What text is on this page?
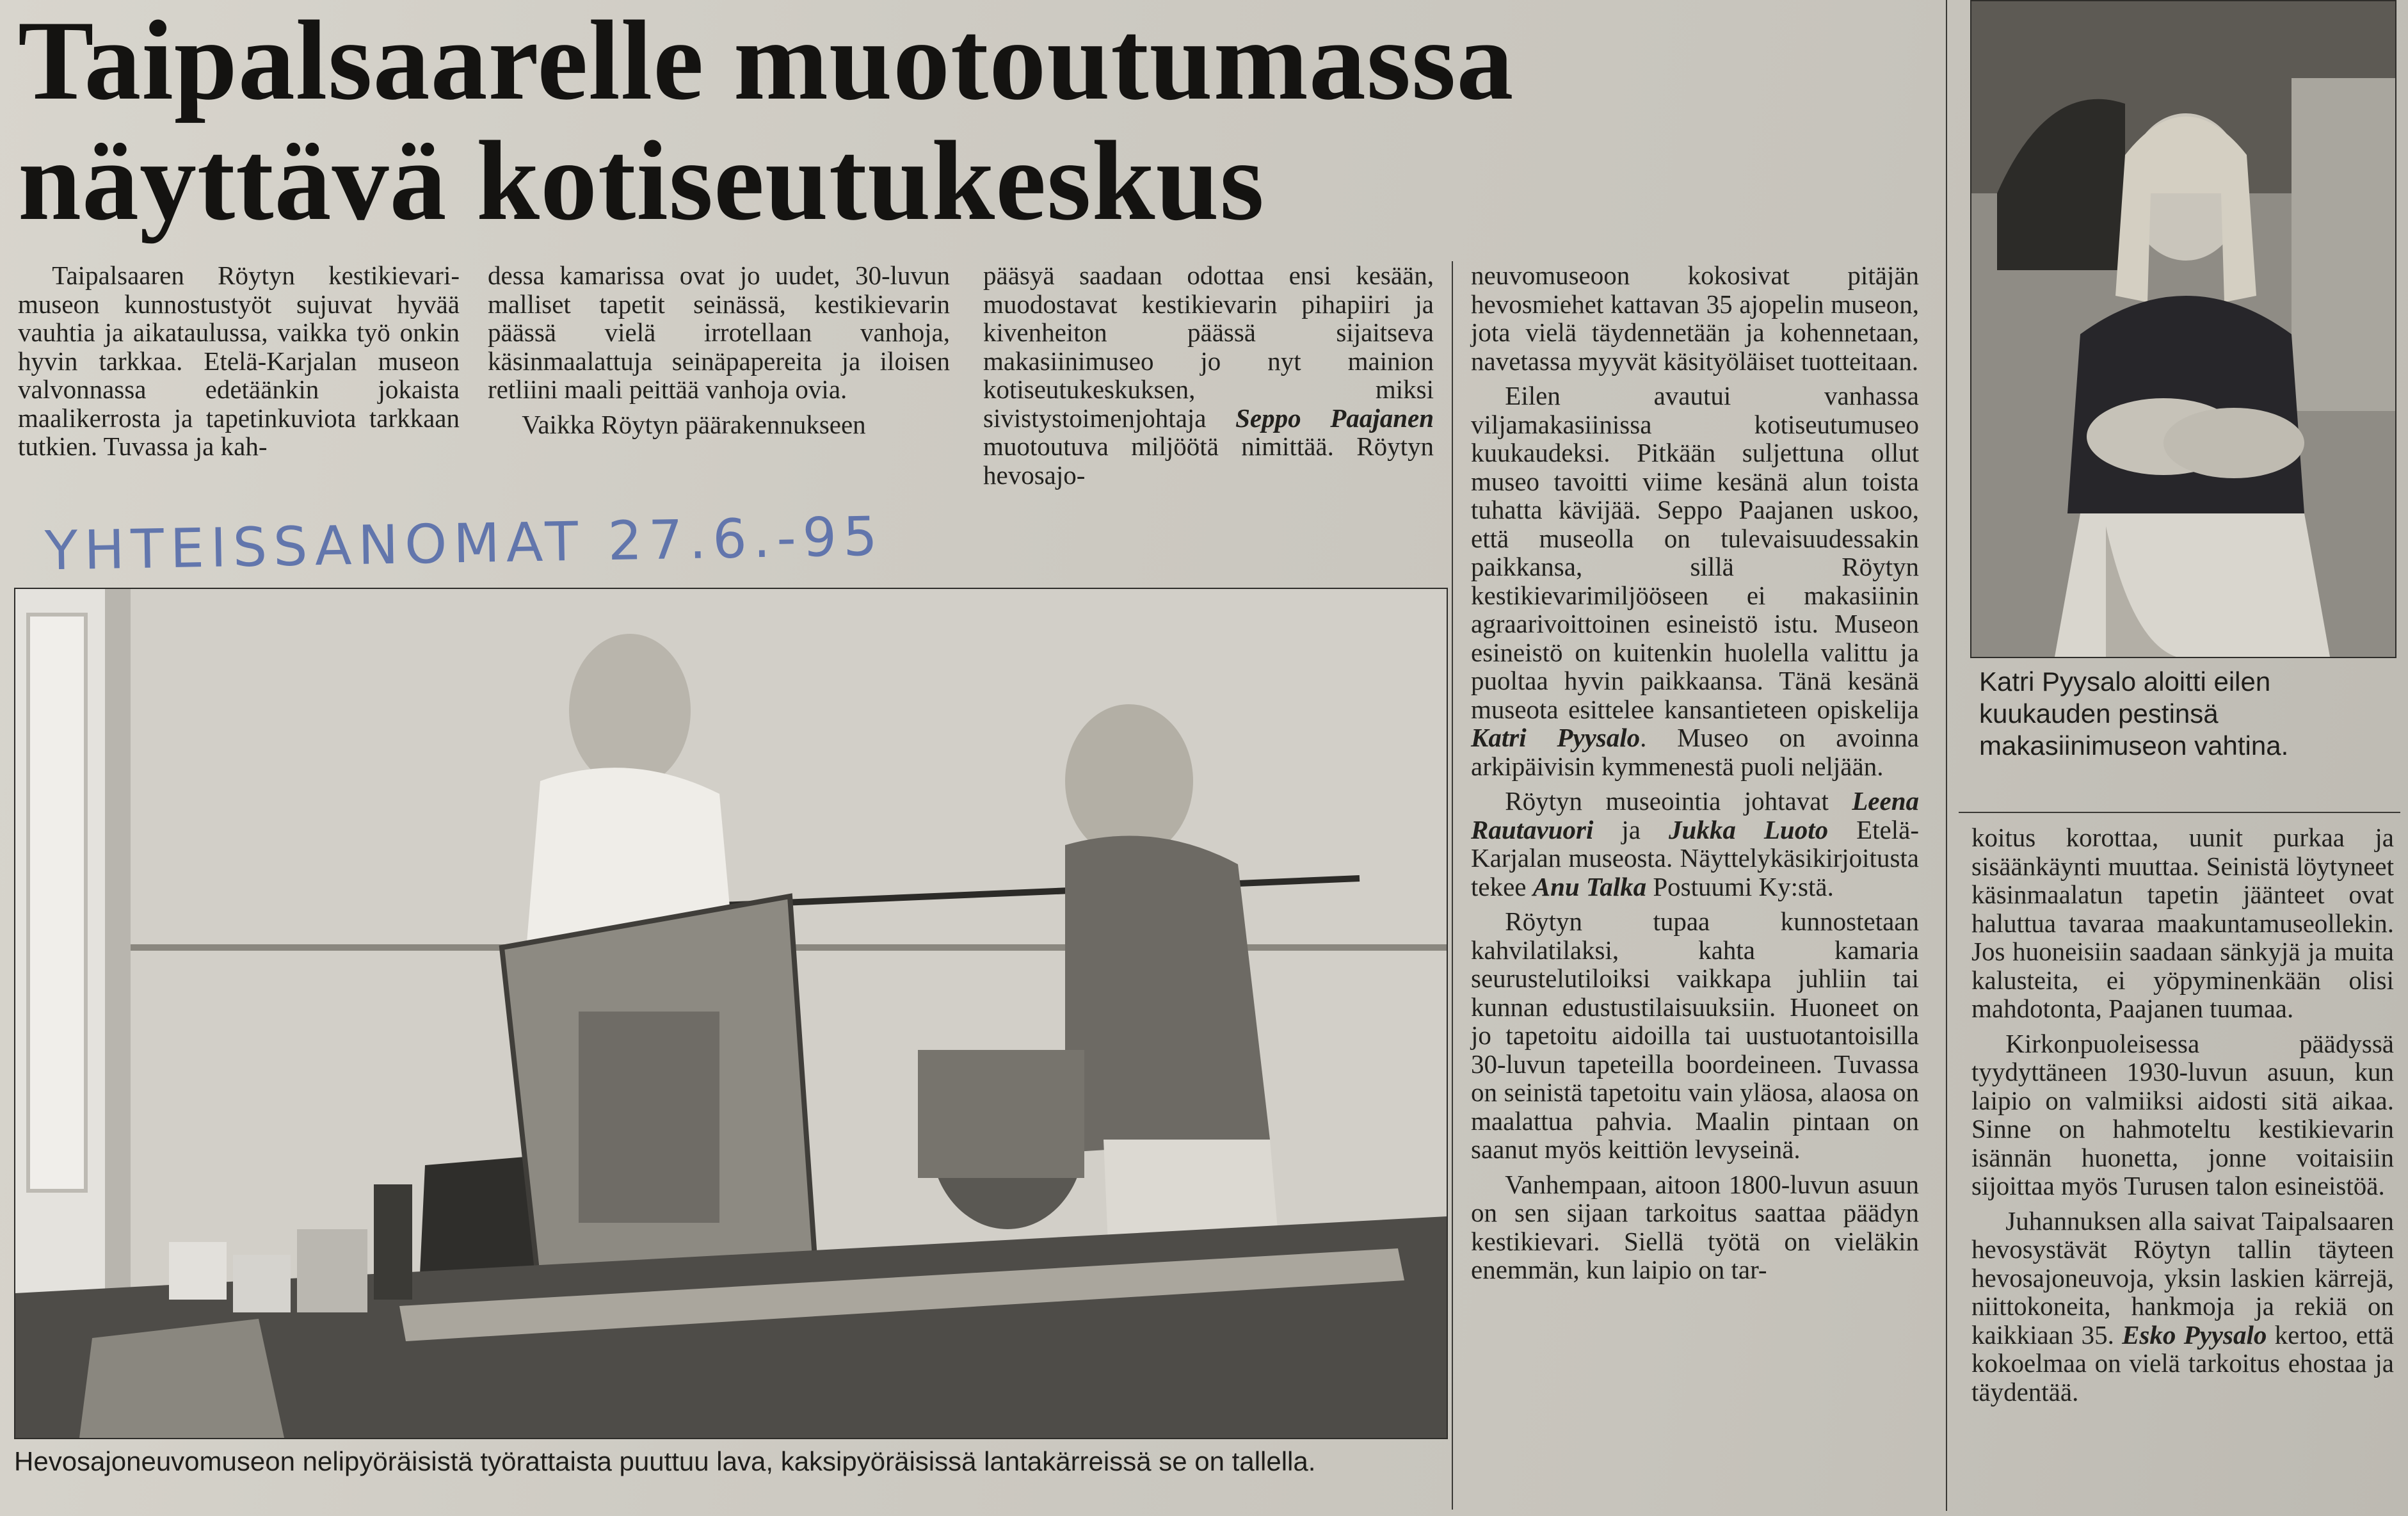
Taipalsaarelle muotoutumassa
näyttävä kotiseutukeskus

Taipalsaaren Röytyn kestikievari-museon kunnostustyöt sujuvat hyvää vauhtia ja aikataulussa, vaikka työ onkin hyvin tarkkaa. Etelä-Karjalan museon valvonnassa edetäänkin jokaista maalikerrosta ja tapetinkuviota tarkkaan tutkien. Tuvassa ja kah-

dessa kamarissa ovat jo uudet, 30-luvun malliset tapetit seinässä, kestikievarin päässä vielä irrotellaan vanhoja, käsinmaalattuja seinäpapereita ja iloisen retliini maali peittää vanhoja ovia.

Vaikka Röytyn päärakennukseen

pääsyä saadaan odottaa ensi kesään, muodostavat kestikievarin pihapiiri ja kivenheiton päässä sijaitseva makasiinimuseo jo nyt mainion kotiseutukeskuksen, miksi sivistystoimenjohtaja Seppo Paajanen muotoutuva miljöötä nimittää. Röytyn hevosajo-

neuvomuseoon kokosivat pitäjän hevosmiehet kattavan 35 ajopelin museon, jota vielä täydennetään ja kohennetaan, navetassa myyvät käsityöläiset tuotteitaan.

Eilen avautui vanhassa viljamakasiinissa kotiseutumuseo kuukaudeksi. Pitkään suljettuna ollut museo tavoitti viime kesänä alun toista tuhatta kävijää. Seppo Paajanen uskoo, että museolla on tulevaisuudessakin paikkansa, sillä Röytyn kestikievarimiljööseen ei makasiinin agraarivoittoinen esineistö istu. Museon esineistö on kuitenkin huolella valittu ja puoltaa hyvin paikkaansa. Tänä kesänä museota esittelee kansantieteen opiskelija Katri Pyysalo. Museo on avoinna arkipäivisin kymmenestä puoli neljään.

Röytyn museointia johtavat Leena Rautavuori ja Jukka Luoto Etelä-Karjalan museosta. Näyttelykäsikirjoitusta tekee Anu Talka Postuumi Ky:stä.

Röytyn tupaa kunnostetaan kahvilatilaksi, kahta kamaria seurustelutiloiksi vaikkapa juhliin tai kunnan edustustilaisuuksiin. Huoneet on jo tapetoitu aidoilla tai uustuotantoisilla 30-luvun tapeteilla boordeineen. Tuvassa on seinistä tapetoitu vain yläosa, alaosa on maalattua pahvia. Maalin pintaan on saanut myös keittiön levyseinä.

Vanhempaan, aitoon 1800-luvun asuun on sen sijaan tarkoitus saattaa päädyn kestikievari. Siellä työtä on vieläkin enemmän, kun laipio on tar-

Katri Pyysalo aloitti eilen kuukauden pestinsä makasiinimuseon vahtina.

koitus korottaa, uunit purkaa ja sisäänkäynti muuttaa. Seinistä löytyneet käsinmaalatun tapetin jäänteet ovat haluttua tavaraa maakuntamuseollekin. Jos huoneisiin saadaan sänkyjä ja muita kalusteita, ei yöpyminenkään olisi mahdotonta, Paajanen tuumaa.

Kirkonpuoleisessa päädyssä tyydyttäneen 1930-luvun asuun, kun laipio on valmiiksi aidosti sitä aikaa. Sinne on hahmoteltu kestikievarin isännän huonetta, jonne voitaisiin sijoittaa myös Turusen talon esineistöä.

Juhannuksen alla saivat Taipalsaaren hevosystävät Röytyn tallin täyteen hevosajoneuvoja, yksin laskien kärrejä, niittokoneita, hankmoja ja rekiä on kaikkiaan 35. Esko Pyysalo kertoo, että kokoelmaa on vielä tarkoitus ehostaa ja täydentää.

YHTEISSANOMAT 27.6.-95
Hevosajoneuvomuseon nelipyöräisistä työrattaista puuttuu lava, kaksipyöräisissä lantakärreissä se on tallella.
